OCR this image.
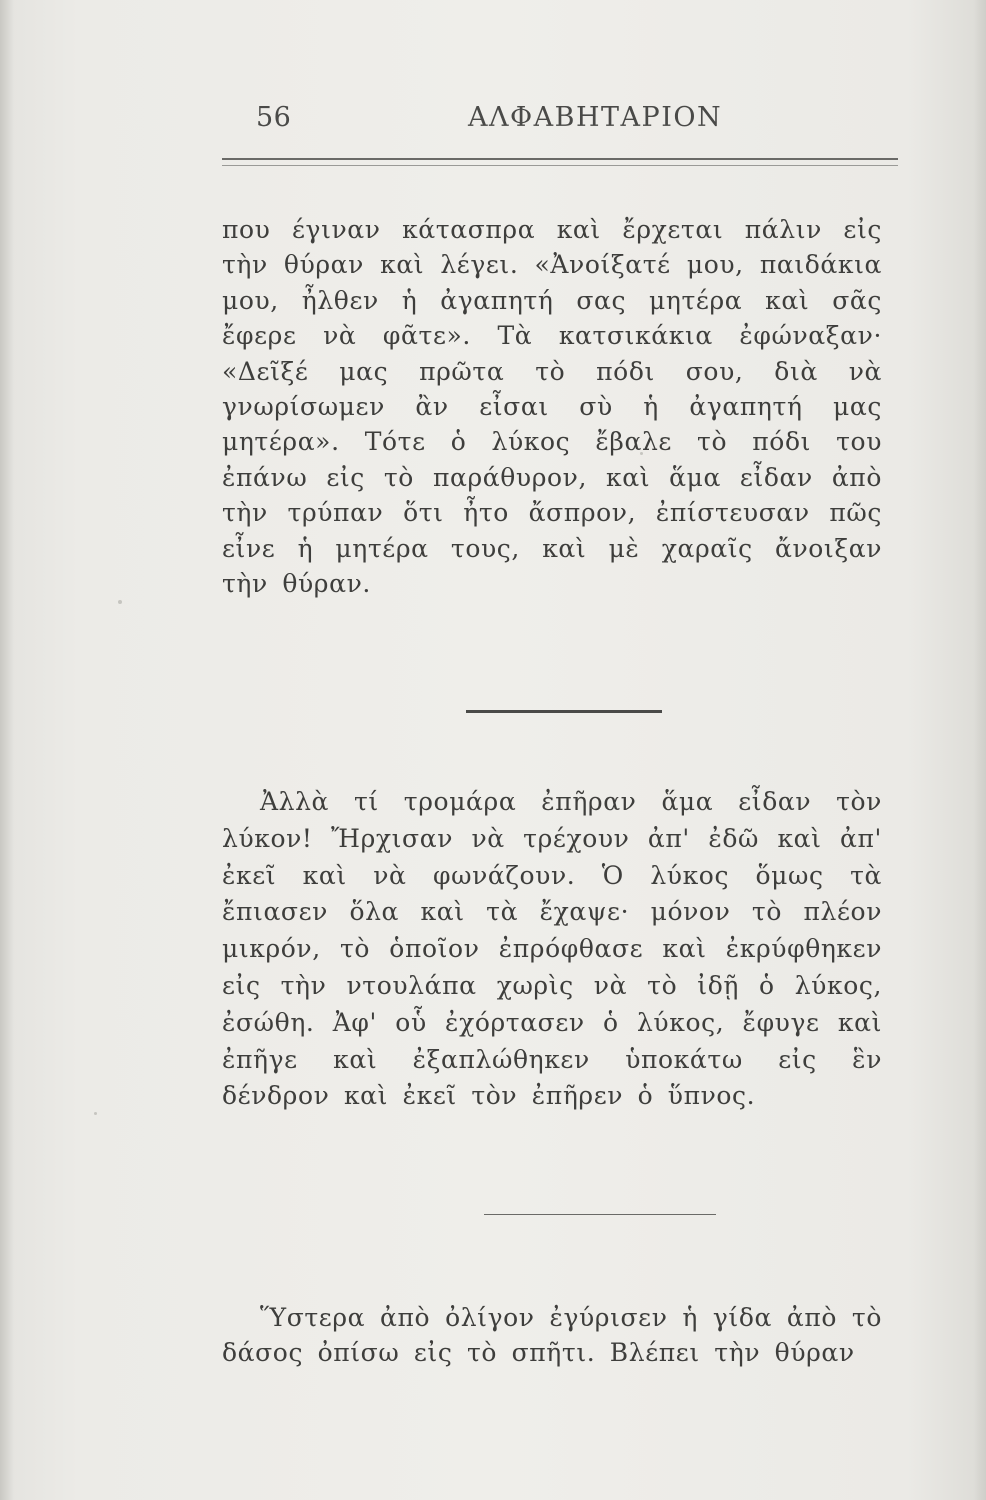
56	ΑΛΦΑΒΗΤΑΡΙΟΝ

που έγιναν κάτασπρα καὶ ἔρχεται πάλιν εἰς τὴν θύραν καὶ λέγει. «Ἀνοίξατέ μου, παιδάκια μου, ἦλθεν ἡ ἀγαπητή σας μητέρα καὶ σᾶς ἔφερε νὰ φᾶτε». Τὰ κατσικάκια ἐφώναξαν· «Δεῖξέ μας πρῶτα τὸ πόδι σου, διὰ νὰ γνωρίσωμεν ἂν εἶσαι σὺ ἡ ἀγαπητή μας μητέρα». Τότε ὁ λύκος ἔβαλε τὸ πόδι του ἐπάνω εἰς τὸ παράθυρον, καὶ ἅμα εἶδαν ἀπὸ τὴν τρύπαν ὅτι ἦτο ἄσπρον, ἐπίστευσαν πῶς εἶνε ἡ μητέρα τους, καὶ μὲ χαραῖς ἄνοιξαν τὴν θύραν.

Ἀλλὰ τί τρομάρα ἐπῆραν ἅμα εἶδαν τὸν λύκον! Ἤρχισαν νὰ τρέχουν ἀπ' ἐδῶ καὶ ἀπ' ἐκεῖ καὶ νὰ φωνάζουν. Ὁ λύκος ὅμως τὰ ἔπιασεν ὅλα καὶ τὰ ἔχαψε· μόνον τὸ πλέον μικρόν, τὸ ὁποῖον ἐπρόφθασε καὶ ἐκρύφθηκεν εἰς τὴν ντουλάπα χωρὶς νὰ τὸ ἰδῇ ὁ λύκος, ἐσώθη. Ἀφ' οὗ ἐχόρτασεν ὁ λύκος, ἔφυγε καὶ ἐπῆγε καὶ ἐξαπλώθηκεν ὑποκάτω εἰς ἓν δένδρον καὶ ἐκεῖ τὸν ἐπῆρεν ὁ ὕπνος.

Ὕστερα ἀπὸ ὀλίγον ἐγύρισεν ἡ γίδα ἀπὸ τὸ δάσος ὀπίσω εἰς τὸ σπῆτι. Βλέπει τὴν θύραν
